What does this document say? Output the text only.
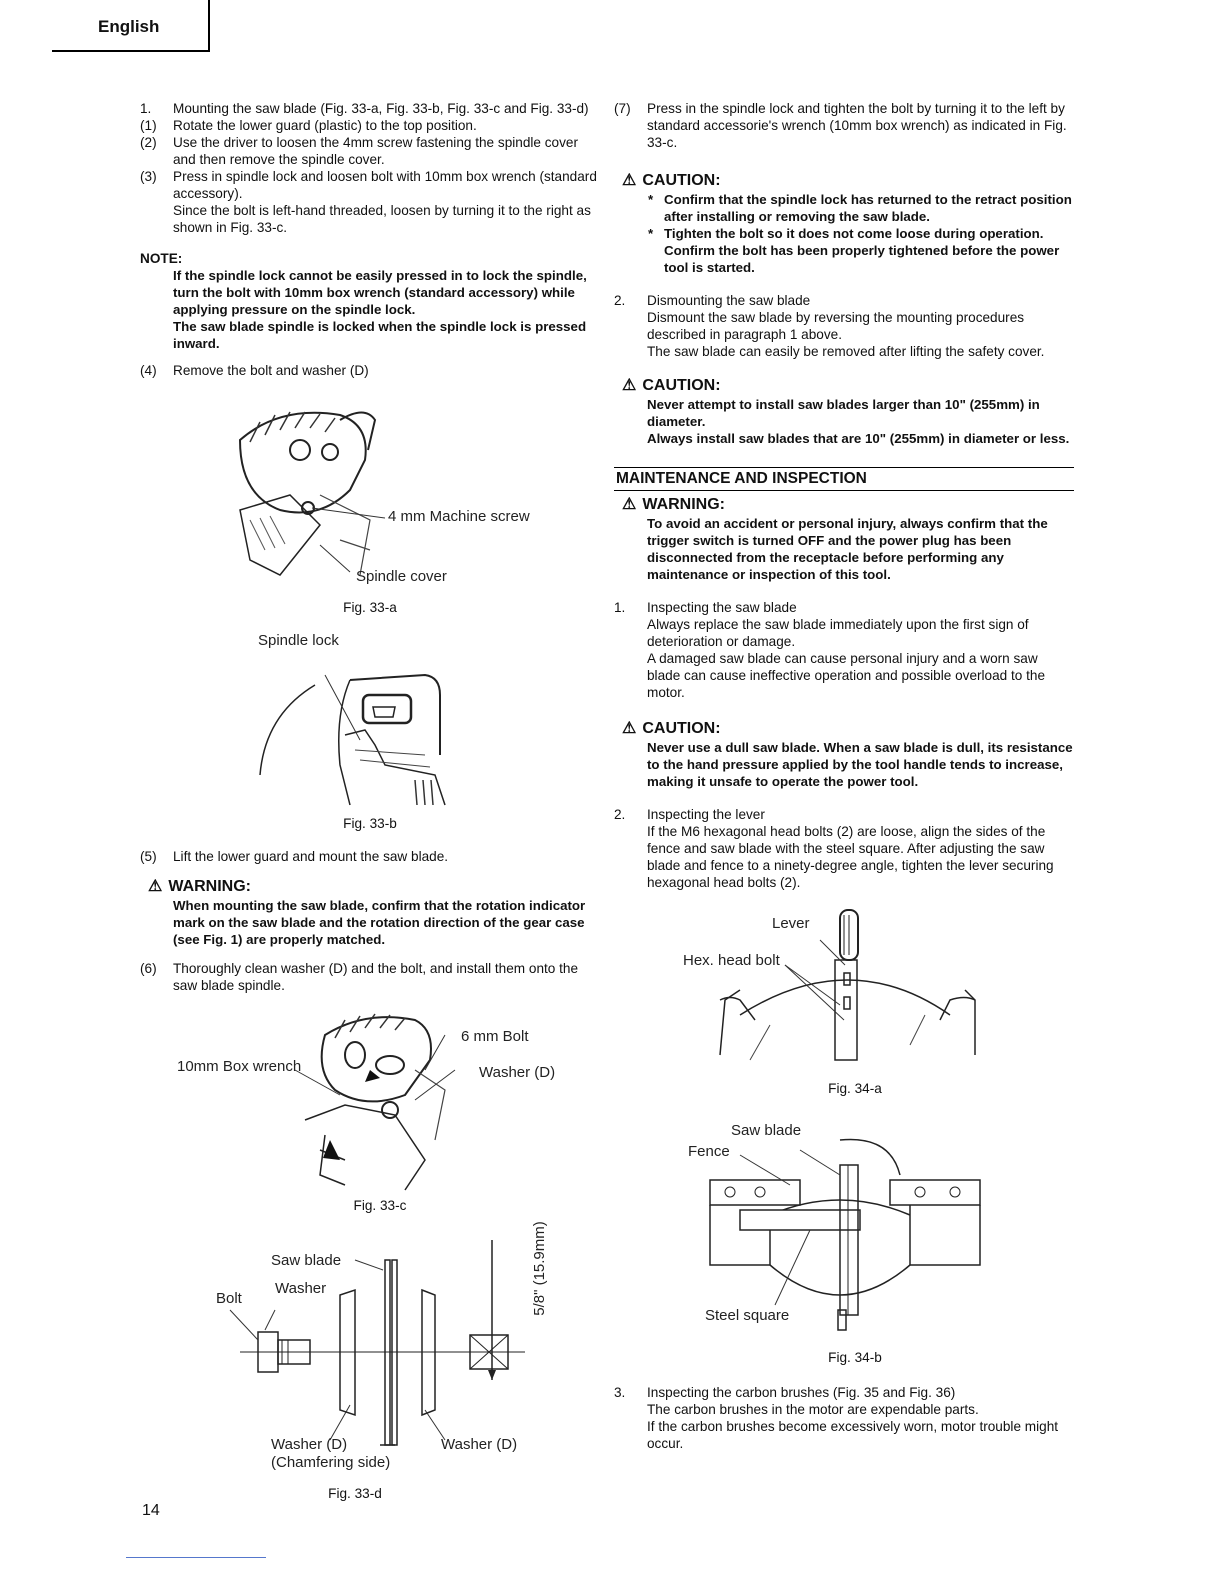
English

1. Mounting the saw blade (Fig. 33-a, Fig. 33-b, Fig. 33-c and Fig. 33-d)

(1) Rotate the lower guard (plastic) to the top position.

(2) Use the driver to loosen the 4mm screw fastening the spindle cover and then remove the spindle cover.

(3) Press in spindle lock and loosen bolt with 10mm box wrench (standard accessory).
Since the bolt is left-hand threaded, loosen by turning it to the right as shown in Fig. 33-c.

NOTE:

If the spindle lock cannot be easily pressed in to lock the spindle, turn the bolt with 10mm box wrench (standard accessory) while applying pressure on the spindle lock.
The saw blade spindle is locked when the spindle lock is pressed inward.

(4) Remove the bolt and washer (D)

4 mm Machine screw
Spindle cover
Fig. 33-a
Spindle lock
Fig. 33-b

(5) Lift the lower guard and mount the saw blade.

⚠ WARNING:
When mounting the saw blade, confirm that the rotation indicator mark on the saw blade and the rotation direction of the gear case (see Fig. 1) are properly matched.

(6) Thoroughly clean washer (D) and the bolt, and install them onto the saw blade spindle.

6 mm Bolt
10mm Box wrench	Washer (D)
Fig. 33-c
Saw blade
Washer
Bolt	5/8" (15.9mm)
Washer (D)
(Chamfering side)
Washer (D)
Fig. 33-d

(7) Press in the spindle lock and tighten the bolt by turning it to the left by standard accessorie's wrench (10mm box wrench) as indicated in Fig. 33-c.

⚠ CAUTION:
* Confirm that the spindle lock has returned to the retract position after installing or removing the saw blade.
* Tighten the bolt so it does not come loose during operation. Confirm the bolt has been properly tightened before the power tool is started.

2. Dismounting the saw blade
Dismount the saw blade by reversing the mounting procedures described in paragraph 1 above.
The saw blade can easily be removed after lifting the safety cover.

⚠ CAUTION:
Never attempt to install saw blades larger than 10" (255mm) in diameter.
Always install saw blades that are 10" (255mm) in diameter or less.

MAINTENANCE AND INSPECTION

⚠ WARNING:
To avoid an accident or personal injury, always confirm that the trigger switch is turned OFF and the power plug has been disconnected from the receptacle before performing any maintenance or inspection of this tool.

1. Inspecting the saw blade
Always replace the saw blade immediately upon the first sign of deterioration or damage.
A damaged saw blade can cause personal injury and a worn saw blade can cause ineffective operation and possible overload to the motor.

⚠ CAUTION:
Never use a dull saw blade. When a saw blade is dull, its resistance to the hand pressure applied by the tool handle tends to increase, making it unsafe to operate the power tool.

2. Inspecting the lever
If the M6 hexagonal head bolts (2) are loose, align the sides of the fence and saw blade with the steel square. After adjusting the saw blade and fence to a ninety-degree angle, tighten the lever securing hexagonal head bolts (2).

Lever
Hex. head bolt
Fig. 34-a
Saw blade
Fence
Steel square
Fig. 34-b

3. Inspecting the carbon brushes (Fig. 35 and Fig. 36)
The carbon brushes in the motor are expendable parts.
If the carbon brushes become excessively worn, motor trouble might occur.

14
